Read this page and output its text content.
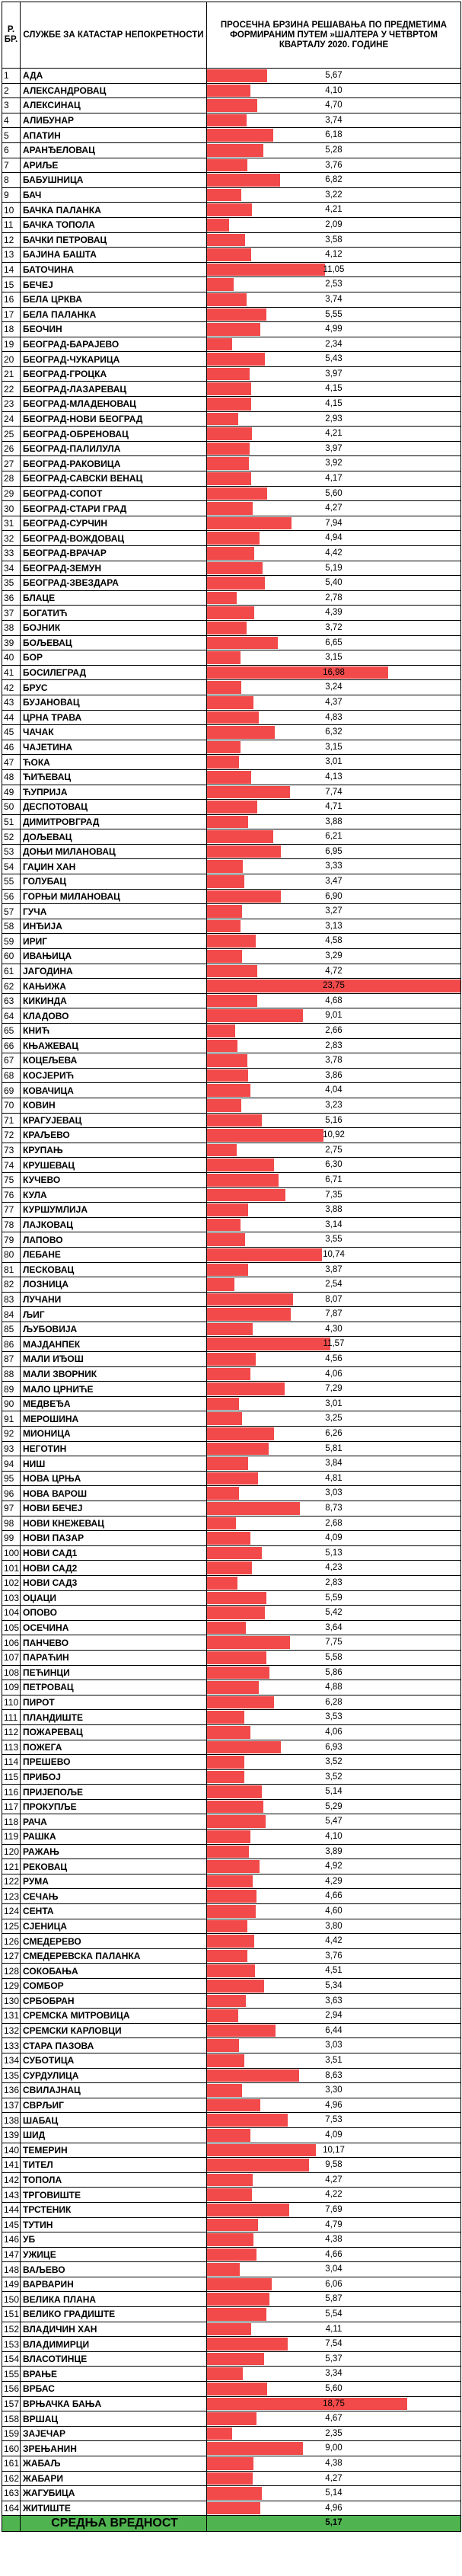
Р. БР.	СЛУЖБЕ ЗА КАТАСТАР НЕПОКРЕТНОСТИ	ПРОСЕЧНА БРЗИНА РЕШАВАЊА ПО ПРЕДМЕТИМА ФОРМИРАНИМ ПУТЕМ »ШАЛТЕРА У ЧЕТВРТОМ КВАРТАЛУ 2020. ГОДИНЕ
1	АДА	5,67

2	АЛЕКСАНДРОВАЦ	4,10

3	АЛЕКСИНАЦ	4,70

4	АЛИБУНАР	3,74

5	АПАТИН	6,18

6	АРАНЂЕЛОВАЦ	5,28

7	АРИЉЕ	3,76

8	БАБУШНИЦА	6,82

9	БАЧ	3,22

10	БАЧКА ПАЛАНКА	4,21

11	БАЧКА ТОПОЛА	2,09

12	БАЧКИ ПЕТРОВАЦ	3,58

13	БАЈИНА БАШТА	4,12

14	БАТОЧИНА	11,05

15	БЕЧЕЈ	2,53

16	БЕЛА ЦРКВА	3,74

17	БЕЛА ПАЛАНКА	5,55

18	БЕОЧИН	4,99

19	БЕОГРАД-БАРАЈЕВО	2,34

20	БЕОГРАД-ЧУКАРИЦА	5,43

21	БЕОГРАД-ГРОЦКА	3,97

22	БЕОГРАД-ЛАЗАРЕВАЦ	4,15

23	БЕОГРАД-МЛАДЕНОВАЦ	4,15

24	БЕОГРАД-НОВИ БЕОГРАД	2,93

25	БЕОГРАД-ОБРЕНОВАЦ	4,21

26	БЕОГРАД-ПАЛИЛУЛА	3,97

27	БЕОГРАД-РАКОВИЦА	3,92

28	БЕОГРАД-САВСКИ ВЕНАЦ	4,17

29	БЕОГРАД-СОПОТ	5,60

30	БЕОГРАД-СТАРИ ГРАД	4,27

31	БЕОГРАД-СУРЧИН	7,94

32	БЕОГРАД-ВОЖДОВАЦ	4,94

33	БЕОГРАД-ВРАЧАР	4,42

34	БЕОГРАД-ЗЕМУН	5,19

35	БЕОГРАД-ЗВЕЗДАРА	5,40

36	БЛАЦЕ	2,78

37	БОГАТИЋ	4,39

38	БОЈНИК	3,72

39	БОЉЕВАЦ	6,65

40	БОР	3,15

41	БОСИЛЕГРАД	16,98

42	БРУС	3,24

43	БУЈАНОВАЦ	4,37

44	ЦРНА ТРАВА	4,83

45	ЧАЧАК	6,32

46	ЧАЈЕТИНА	3,15

47	ЋОКА	3,01

48	ЋИЋЕВАЦ	4,13

49	ЋУПРИЈА	7,74

50	ДЕСПОТОВАЦ	4,71

51	ДИМИТРОВГРАД	3,88

52	ДОЉЕВАЦ	6,21

53	ДОЊИ МИЛАНОВАЦ	6,95

54	ГАЏИН ХАН	3,33

55	ГОЛУБАЦ	3,47

56	ГОРЊИ МИЛАНОВАЦ	6,90

57	ГУЧА	3,27

58	ИНЂИЈА	3,13

59	ИРИГ	4,58

60	ИВАЊИЦА	3,29

61	ЈАГОДИНА	4,72

62	КАЊИЖА	23,75

63	КИКИНДА	4,68

64	КЛАДОВО	9,01

65	КНИЋ	2,66

66	КЊАЖЕВАЦ	2,83

67	КОЦЕЉЕВА	3,78

68	КОСЈЕРИЋ	3,86

69	КОВАЧИЦА	4,04

70	КОВИН	3,23

71	КРАГУЈЕВАЦ	5,16

72	КРАЉЕВО	10,92

73	КРУПАЊ	2,75

74	КРУШЕВАЦ	6,30

75	КУЧЕВО	6,71

76	КУЛА	7,35

77	КУРШУМЛИЈА	3,88

78	ЛАЈКОВАЦ	3,14

79	ЛАПОВО	3,55

80	ЛЕБАНЕ	10,74

81	ЛЕСКОВАЦ	3,87

82	ЛОЗНИЦА	2,54

83	ЛУЧАНИ	8,07

84	ЉИГ	7,87

85	ЉУБОВИЈА	4,30

86	МАЈДАНПЕК	11,57

87	МАЛИ ИЂОШ	4,56

88	МАЛИ ЗВОРНИК	4,06

89	МАЛО ЦРНИЋЕ	7,29

90	МЕДВЕЂА	3,01

91	МЕРОШИНА	3,25

92	МИОНИЦА	6,26

93	НЕГОТИН	5,81

94	НИШ	3,84

95	НОВА ЦРЊА	4,81

96	НОВА ВАРОШ	3,03

97	НОВИ БЕЧЕЈ	8,73

98	НОВИ КНЕЖЕВАЦ	2,68

99	НОВИ ПАЗАР	4,09

100	НОВИ САД1	5,13

101	НОВИ САД2	4,23

102	НОВИ САД3	2,83

103	ОЏАЦИ	5,59

104	ОПОВО	5,42

105	ОСЕЧИНА	3,64

106	ПАНЧЕВО	7,75

107	ПАРАЋИН	5,58

108	ПЕЋИНЦИ	5,86

109	ПЕТРОВАЦ	4,88

110	ПИРОТ	6,28

111	ПЛАНДИШТЕ	3,53

112	ПОЖАРЕВАЦ	4,06

113	ПОЖЕГА	6,93

114	ПРЕШЕВО	3,52

115	ПРИБОЈ	3,52

116	ПРИЈЕПОЉЕ	5,14

117	ПРОКУПЉЕ	5,29

118	РАЧА	5,47

119	РАШКА	4,10

120	РАЖАЊ	3,89

121	РЕКОВАЦ	4,92

122	РУМА	4,29

123	СЕЧАЊ	4,66

124	СЕНТА	4,60

125	СЈЕНИЦА	3,80

126	СМЕДЕРЕВО	4,42

127	СМЕДЕРЕВСКА ПАЛАНКА	3,76

128	СОКОБАЊА	4,51

129	СОМБОР	5,34

130	СРБОБРАН	3,63

131	СРЕМСКА МИТРОВИЦА	2,94

132	СРЕМСКИ КАРЛОВЦИ	6,44

133	СТАРА ПАЗОВА	3,03

134	СУБОТИЦА	3,51

135	СУРДУЛИЦА	8,63

136	СВИЛАЈНАЦ	3,30

137	СВРЉИГ	4,96

138	ШАБАЦ	7,53

139	ШИД	4,09

140	ТЕМЕРИН	10,17

141	ТИТЕЛ	9,58

142	ТОПОЛА	4,27

143	ТРГОВИШТЕ	4,22

144	ТРСТЕНИК	7,69

145	ТУТИН	4,79

146	УБ	4,38

147	УЖИЦЕ	4,66

148	ВАЉЕВО	3,04

149	ВАРВАРИН	6,06

150	ВЕЛИКА ПЛАНА	5,87

151	ВЕЛИКО ГРАДИШТЕ	5,54

152	ВЛАДИЧИН ХАН	4,11

153	ВЛАДИМИРЦИ	7,54

154	ВЛАСОТИНЦЕ	5,37

155	ВРАЊЕ	3,34

156	ВРБАС	5,60

157	ВРЊАЧКА БАЊА	18,75

158	ВРШАЦ	4,67

159	ЗАЈЕЧАР	2,35

160	ЗРЕЊАНИН	9,00

161	ЖАБАЉ	4,38

162	ЖАБАРИ	4,27

163	ЖАГУБИЦА	5,14

164	ЖИТИШТЕ	4,96

	СРЕДЊА ВРЕДНОСТ	5,17
